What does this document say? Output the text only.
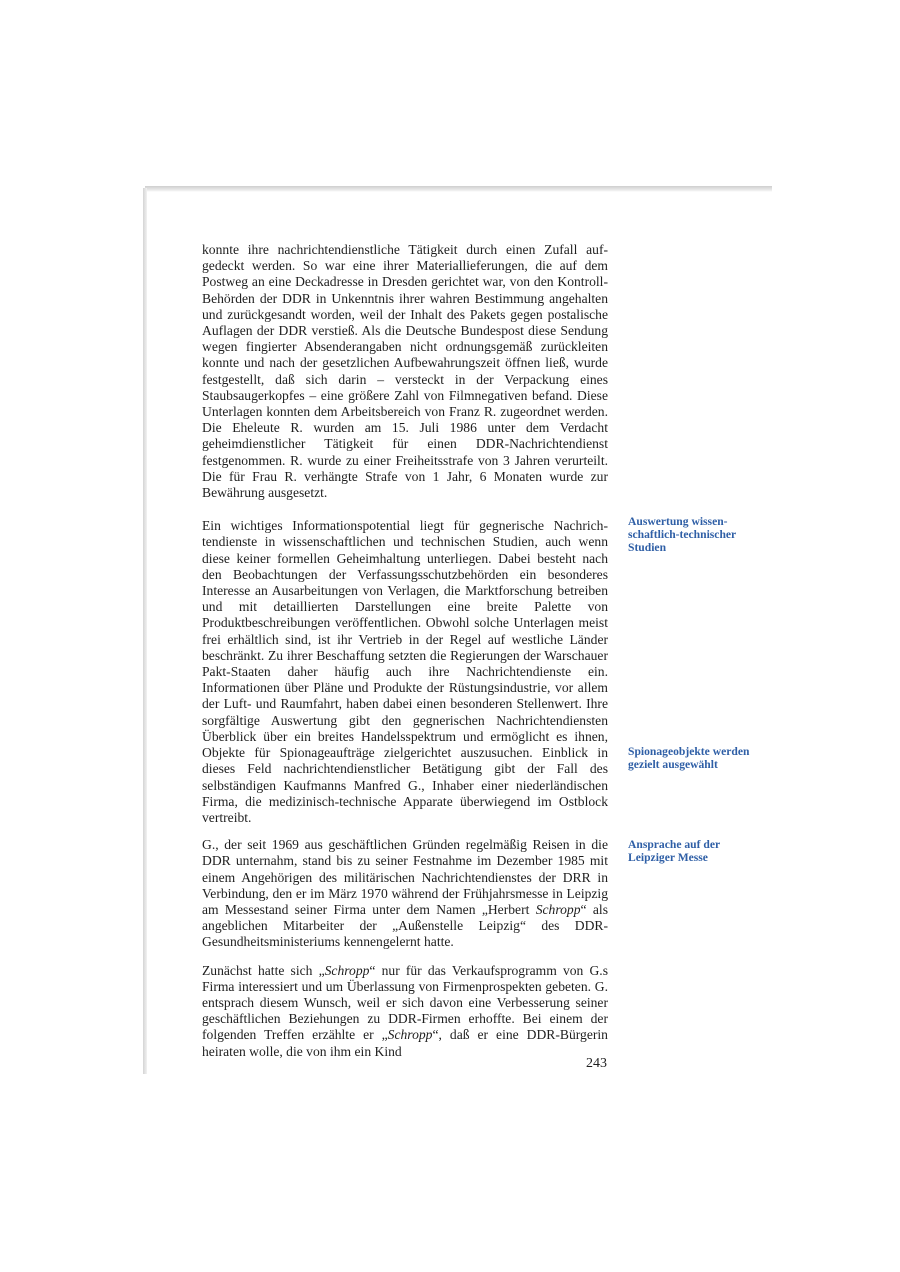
konnte ihre nachrichtendienstliche Tätigkeit durch einen Zufall aufgedeckt werden. So war eine ihrer Materiallieferungen, die auf dem Postweg an eine Deckadresse in Dresden gerichtet war, von den Kontroll-Behörden der DDR in Unkenntnis ihrer wahren Bestimmung angehalten und zurückgesandt worden, weil der Inhalt des Pakets gegen postalische Auflagen der DDR verstieß. Als die Deutsche Bundespost diese Sendung wegen fingierter Absenderangaben nicht ordnungsgemäß zurückleiten konnte und nach der gesetzlichen Aufbewahrungszeit öffnen ließ, wurde festgestellt, daß sich darin – versteckt in der Verpackung eines Staubsaugerkopfes – eine größere Zahl von Filmnegativen befand. Diese Unterlagen konnten dem Arbeitsbereich von Franz R. zugeordnet werden. Die Eheleute R. wurden am 15. Juli 1986 unter dem Verdacht geheimdienstlicher Tätigkeit für einen DDR-Nachrichtendienst festgenommen. R. wurde zu einer Freiheitsstrafe von 3 Jahren verurteilt. Die für Frau R. verhängte Strafe von 1 Jahr, 6 Monaten wurde zur Bewährung ausgesetzt.

Ein wichtiges Informationspotential liegt für gegnerische Nachrichtendienste in wissenschaftlichen und technischen Studien, auch wenn diese keiner formellen Geheimhaltung unterliegen. Dabei besteht nach den Beobachtungen der Verfassungsschutzbehörden ein besonderes Interesse an Ausarbeitungen von Verlagen, die Marktforschung betreiben und mit detaillierten Darstellungen eine breite Palette von Produktbeschreibungen veröffentlichen. Obwohl solche Unterlagen meist frei erhältlich sind, ist ihr Vertrieb in der Regel auf westliche Länder beschränkt. Zu ihrer Beschaffung setzten die Regierungen der Warschauer Pakt-Staaten daher häufig auch ihre Nachrichtendienste ein. Informationen über Pläne und Produkte der Rüstungsindustrie, vor allem der Luft- und Raumfahrt, haben dabei einen besonderen Stellenwert. Ihre sorgfältige Auswertung gibt den gegnerischen Nachrichtendiensten Überblick über ein breites Handelsspektrum und ermöglicht es ihnen, Objekte für Spionageaufträge zielgerichtet auszusuchen. Einblick in dieses Feld nachrichtendienstlicher Betätigung gibt der Fall des selbständigen Kaufmanns Manfred G., Inhaber einer niederländischen Firma, die medizinisch-technische Apparate überwiegend im Ostblock vertreibt.

G., der seit 1969 aus geschäftlichen Gründen regelmäßig Reisen in die DDR unternahm, stand bis zu seiner Festnahme im Dezember 1985 mit einem Angehörigen des militärischen Nachrichtendienstes der DRR in Verbindung, den er im März 1970 während der Frühjahrsmesse in Leipzig am Messestand seiner Firma unter dem Namen „Herbert Schropp“ als angeblichen Mitarbeiter der „Außenstelle Leipzig“ des DDR-Gesundheitsministeriums kennengelernt hatte.

Zunächst hatte sich „Schropp“ nur für das Verkaufsprogramm von G.s Firma interessiert und um Überlassung von Firmenprospekten gebeten. G. entsprach diesem Wunsch, weil er sich davon eine Verbesserung seiner geschäftlichen Beziehungen zu DDR-Firmen erhoffte. Bei einem der folgenden Treffen erzählte er „Schropp“, daß er eine DDR-Bürgerin heiraten wolle, die von ihm ein Kind

Auswertung wissenschaftlich-technischer Studien
Spionageobjekte werden gezielt ausgewählt
Ansprache auf der Leipziger Messe
243
